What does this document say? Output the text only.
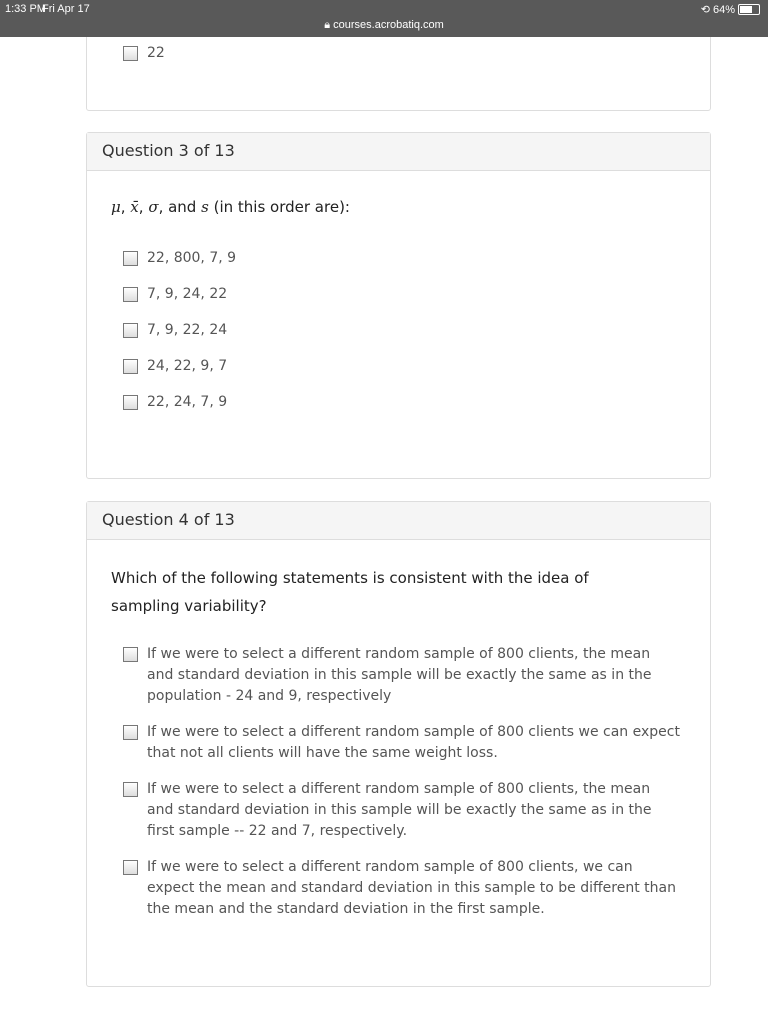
1:33 PM
Fri Apr 17	⟲ 64%
🔒︎ courses.acrobatiq.com
22
Question 3 of 13
μ, x̄, σ, and s (in this order are):
22, 800, 7, 9
7, 9, 24, 22
7, 9, 22, 24
24, 22, 9, 7
22, 24, 7, 9
Question 4 of 13
Which of the following statements is consistent with the idea of sampling variability?
If we were to select a different random sample of 800 clients, the mean and standard deviation in this sample will be exactly the same as in the population - 24 and 9, respectively
If we were to select a different random sample of 800 clients we can expect that not all clients will have the same weight loss.
If we were to select a different random sample of 800 clients, the mean and standard deviation in this sample will be exactly the same as in the first sample -- 22 and 7, respectively.
If we were to select a different random sample of 800 clients, we can expect the mean and standard deviation in this sample to be different than the mean and the standard deviation in the first sample.
